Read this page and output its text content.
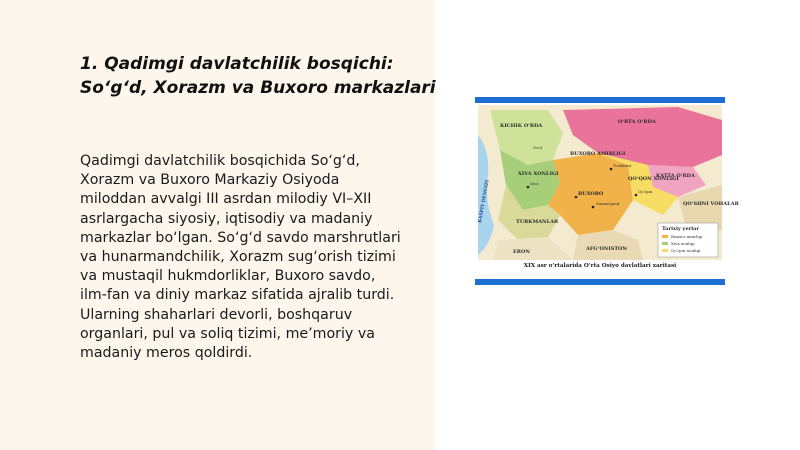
1. Qadimgi davlatchilik bosqichi:
So‘g‘d, Xorazm va Buxoro markazlari
Qadimgi davlatchilik bosqichida So‘g‘d,
Xorazm va Buxoro Markaziy Osiyoda
miloddan avvalgi III asrdan milodiy VI–XII
asrlargacha siyosiy, iqtisodiy va madaniy
markazlar bo‘lgan. So‘g‘d savdo marshrutlari
va hunarmandchilik, Xorazm sug‘orish tizimi
va mustaqil hukmdorliklar, Buxoro savdo,
ilm-fan va diniy markaz sifatida ajralib turdi.
Ularning shaharlari devorli, boshqaruv
organlari, pul va soliq tizimi, me’moriy va
madaniy meros qoldirdi.
Tarixiy yerlar
Buxoro amirligi
Xiva xonligi
Qo‘qon xonligi
O‘RTA O‘RDA
KICHIK O‘RDA
KATTA O‘RDA
BUXORO AMIRLIGI
XIVA XONLIGI
QO‘QON XONLIGI
BUXORO
Xiva
Samarqand
AFG‘ONISTON
ERON
TURKMANLAR
KASPIY DENGIZI
Orol
Qo‘qon
Toshkent
QO‘SHNI VOHALAR
XIX asr o‘rtalarida O‘rta Osiyo davlatlari xaritasi
